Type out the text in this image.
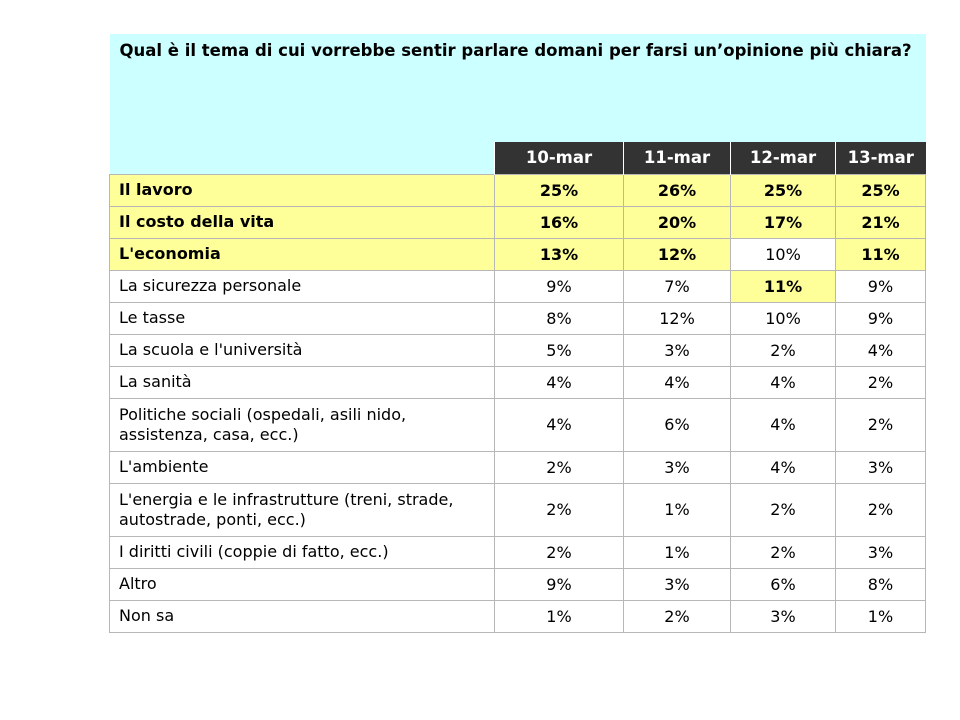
Qual è il tema di cui vorrebbe sentir parlare domani per farsi un’opinione più chiara?				
	10-mar	11-mar	12-mar	13-mar
Il lavoro	25%	26%	25%	25%
Il costo della vita	16%	20%	17%	21%
L'economia	13%	12%	10%	11%
La sicurezza personale	9%	7%	11%	9%
Le tasse	8%	12%	10%	9%
La scuola e l'università	5%	3%	2%	4%
La sanità	4%	4%	4%	2%
Politiche sociali (ospedali, asili nido, assistenza, casa, ecc.)	4%	6%	4%	2%
L'ambiente	2%	3%	4%	3%
L'energia e le infrastrutture (treni, strade, autostrade, ponti, ecc.)	2%	1%	2%	2%
I diritti civili (coppie di fatto, ecc.)	2%	1%	2%	3%
Altro	9%	3%	6%	8%
Non sa	1%	2%	3%	1%
